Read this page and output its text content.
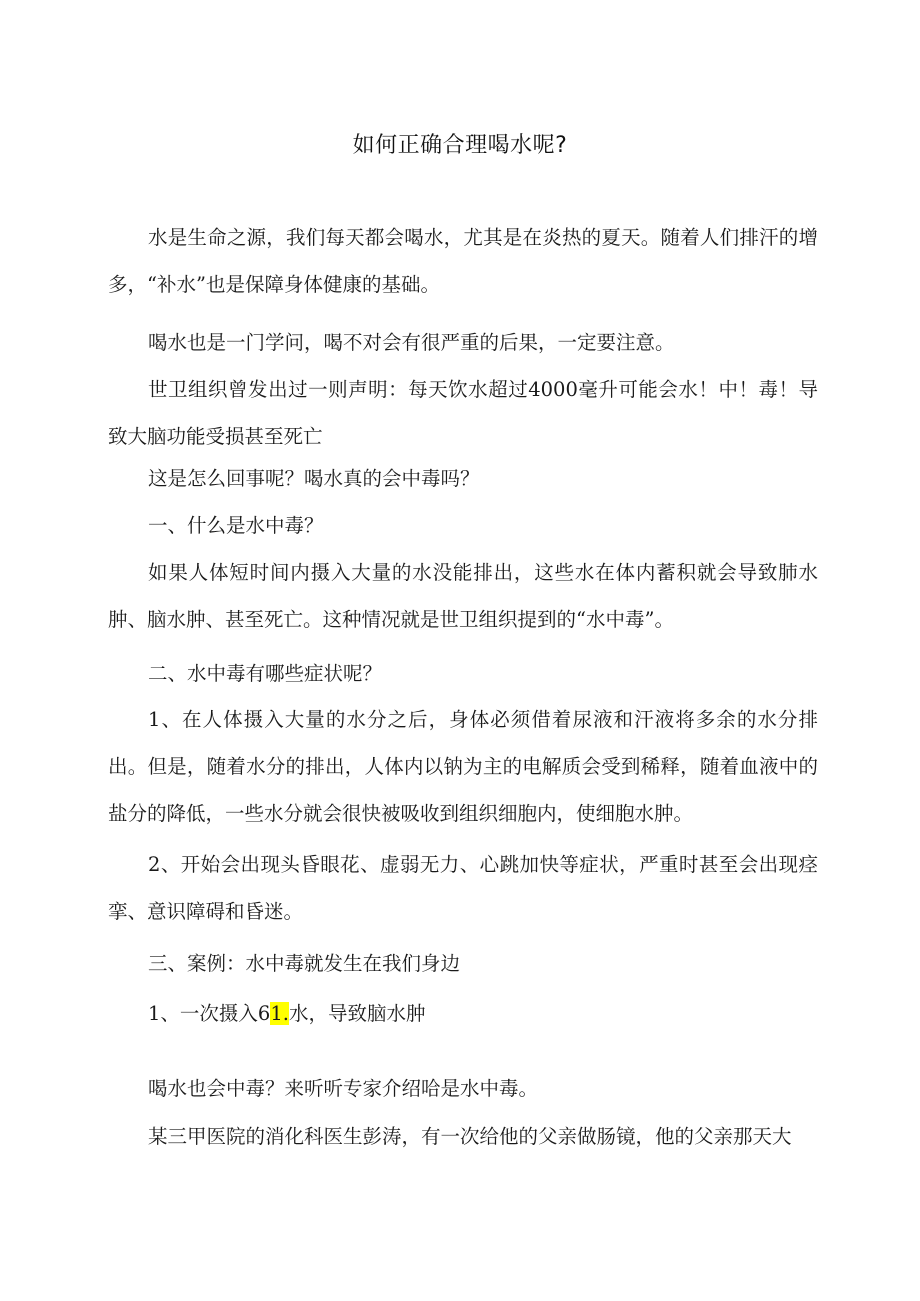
如何正确合理喝水呢?
水是生命之源，我们每天都会喝水，尤其是在炎热的夏天。随着人们排汗的增多，“补水”也是保障身体健康的基础。
喝水也是一门学问，喝不对会有很严重的后果，一定要注意。
世卫组织曾发出过一则声明：每天饮水超过4000毫升可能会水！中！毒！导致大脑功能受损甚至死亡
这是怎么回事呢？喝水真的会中毒吗？
一、什么是水中毒？
如果人体短时间内摄入大量的水没能排出，这些水在体内蓄积就会导致肺水肿、脑水肿、甚至死亡。这种情况就是世卫组织提到的“水中毒”。
二、水中毒有哪些症状呢？
1、在人体摄入大量的水分之后，身体必须借着尿液和汗液将多余的水分排出。但是，随着水分的排出，人体内以钠为主的电解质会受到稀释，随着血液中的盐分的降低，一些水分就会很快被吸收到组织细胞内，使细胞水肿。
2、开始会出现头昏眼花、虚弱无力、心跳加快等症状，严重时甚至会出现痉挛、意识障碍和昏迷。
三、案例：水中毒就发生在我们身边
1、一次摄入61.水，导致脑水肿
喝水也会中毒？来听听专家介绍哈是水中毒。
某三甲医院的消化科医生彭涛，有一次给他的父亲做肠镜，他的父亲那天大
